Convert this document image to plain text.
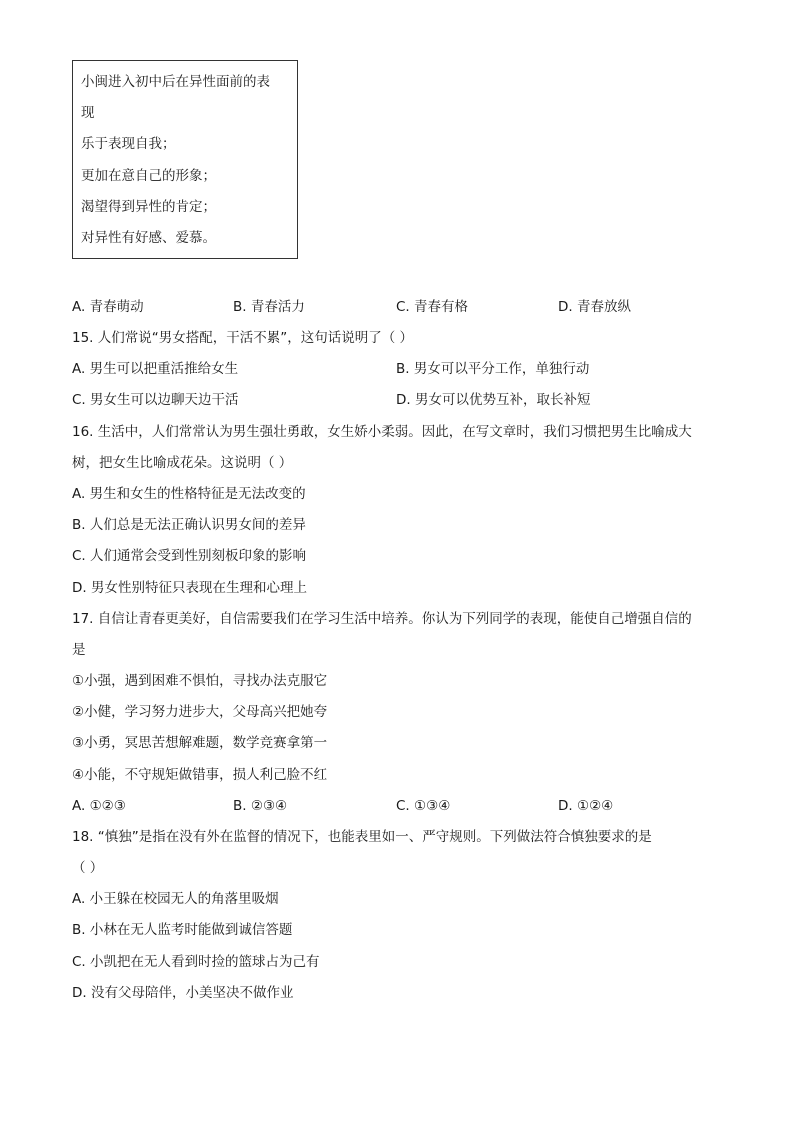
小闽进入初中后在异性面前的表
现
乐于表现自我；
更加在意自己的形象；
渴望得到异性的肯定；
对异性有好感、爱慕。
A. 青春萌动	B. 青春活力	C. 青春有格	D. 青春放纵
15. 人们常说“男女搭配，干活不累”，这句话说明了（ ）
A. 男生可以把重活推给女生	B. 男女可以平分工作，单独行动
C. 男女生可以边聊天边干活	D. 男女可以优势互补，取长补短
16. 生活中，人们常常认为男生强壮勇敢，女生娇小柔弱。因此，在写文章时，我们习惯把男生比喻成大
树，把女生比喻成花朵。这说明（ ）
A. 男生和女生的性格特征是无法改变的
B. 人们总是无法正确认识男女间的差异
C. 人们通常会受到性别刻板印象的影响
D. 男女性别特征只表现在生理和心理上
17. 自信让青春更美好，自信需要我们在学习生活中培养。你认为下列同学的表现，能使自己增强自信的
是
①小强，遇到困难不惧怕，寻找办法克服它
②小健，学习努力进步大，父母高兴把她夸
③小勇，冥思苦想解难题，数学竞赛拿第一
④小能，不守规矩做错事，损人利己脸不红
A. ①②③	B. ②③④	C. ①③④	D. ①②④
18. “慎独”是指在没有外在监督的情况下，也能表里如一、严守规则。下列做法符合慎独要求的是
（ ）
A. 小王躲在校园无人的角落里吸烟
B. 小林在无人监考时能做到诚信答题
C. 小凯把在无人看到时捡的篮球占为己有
D. 没有父母陪伴，小美坚决不做作业
